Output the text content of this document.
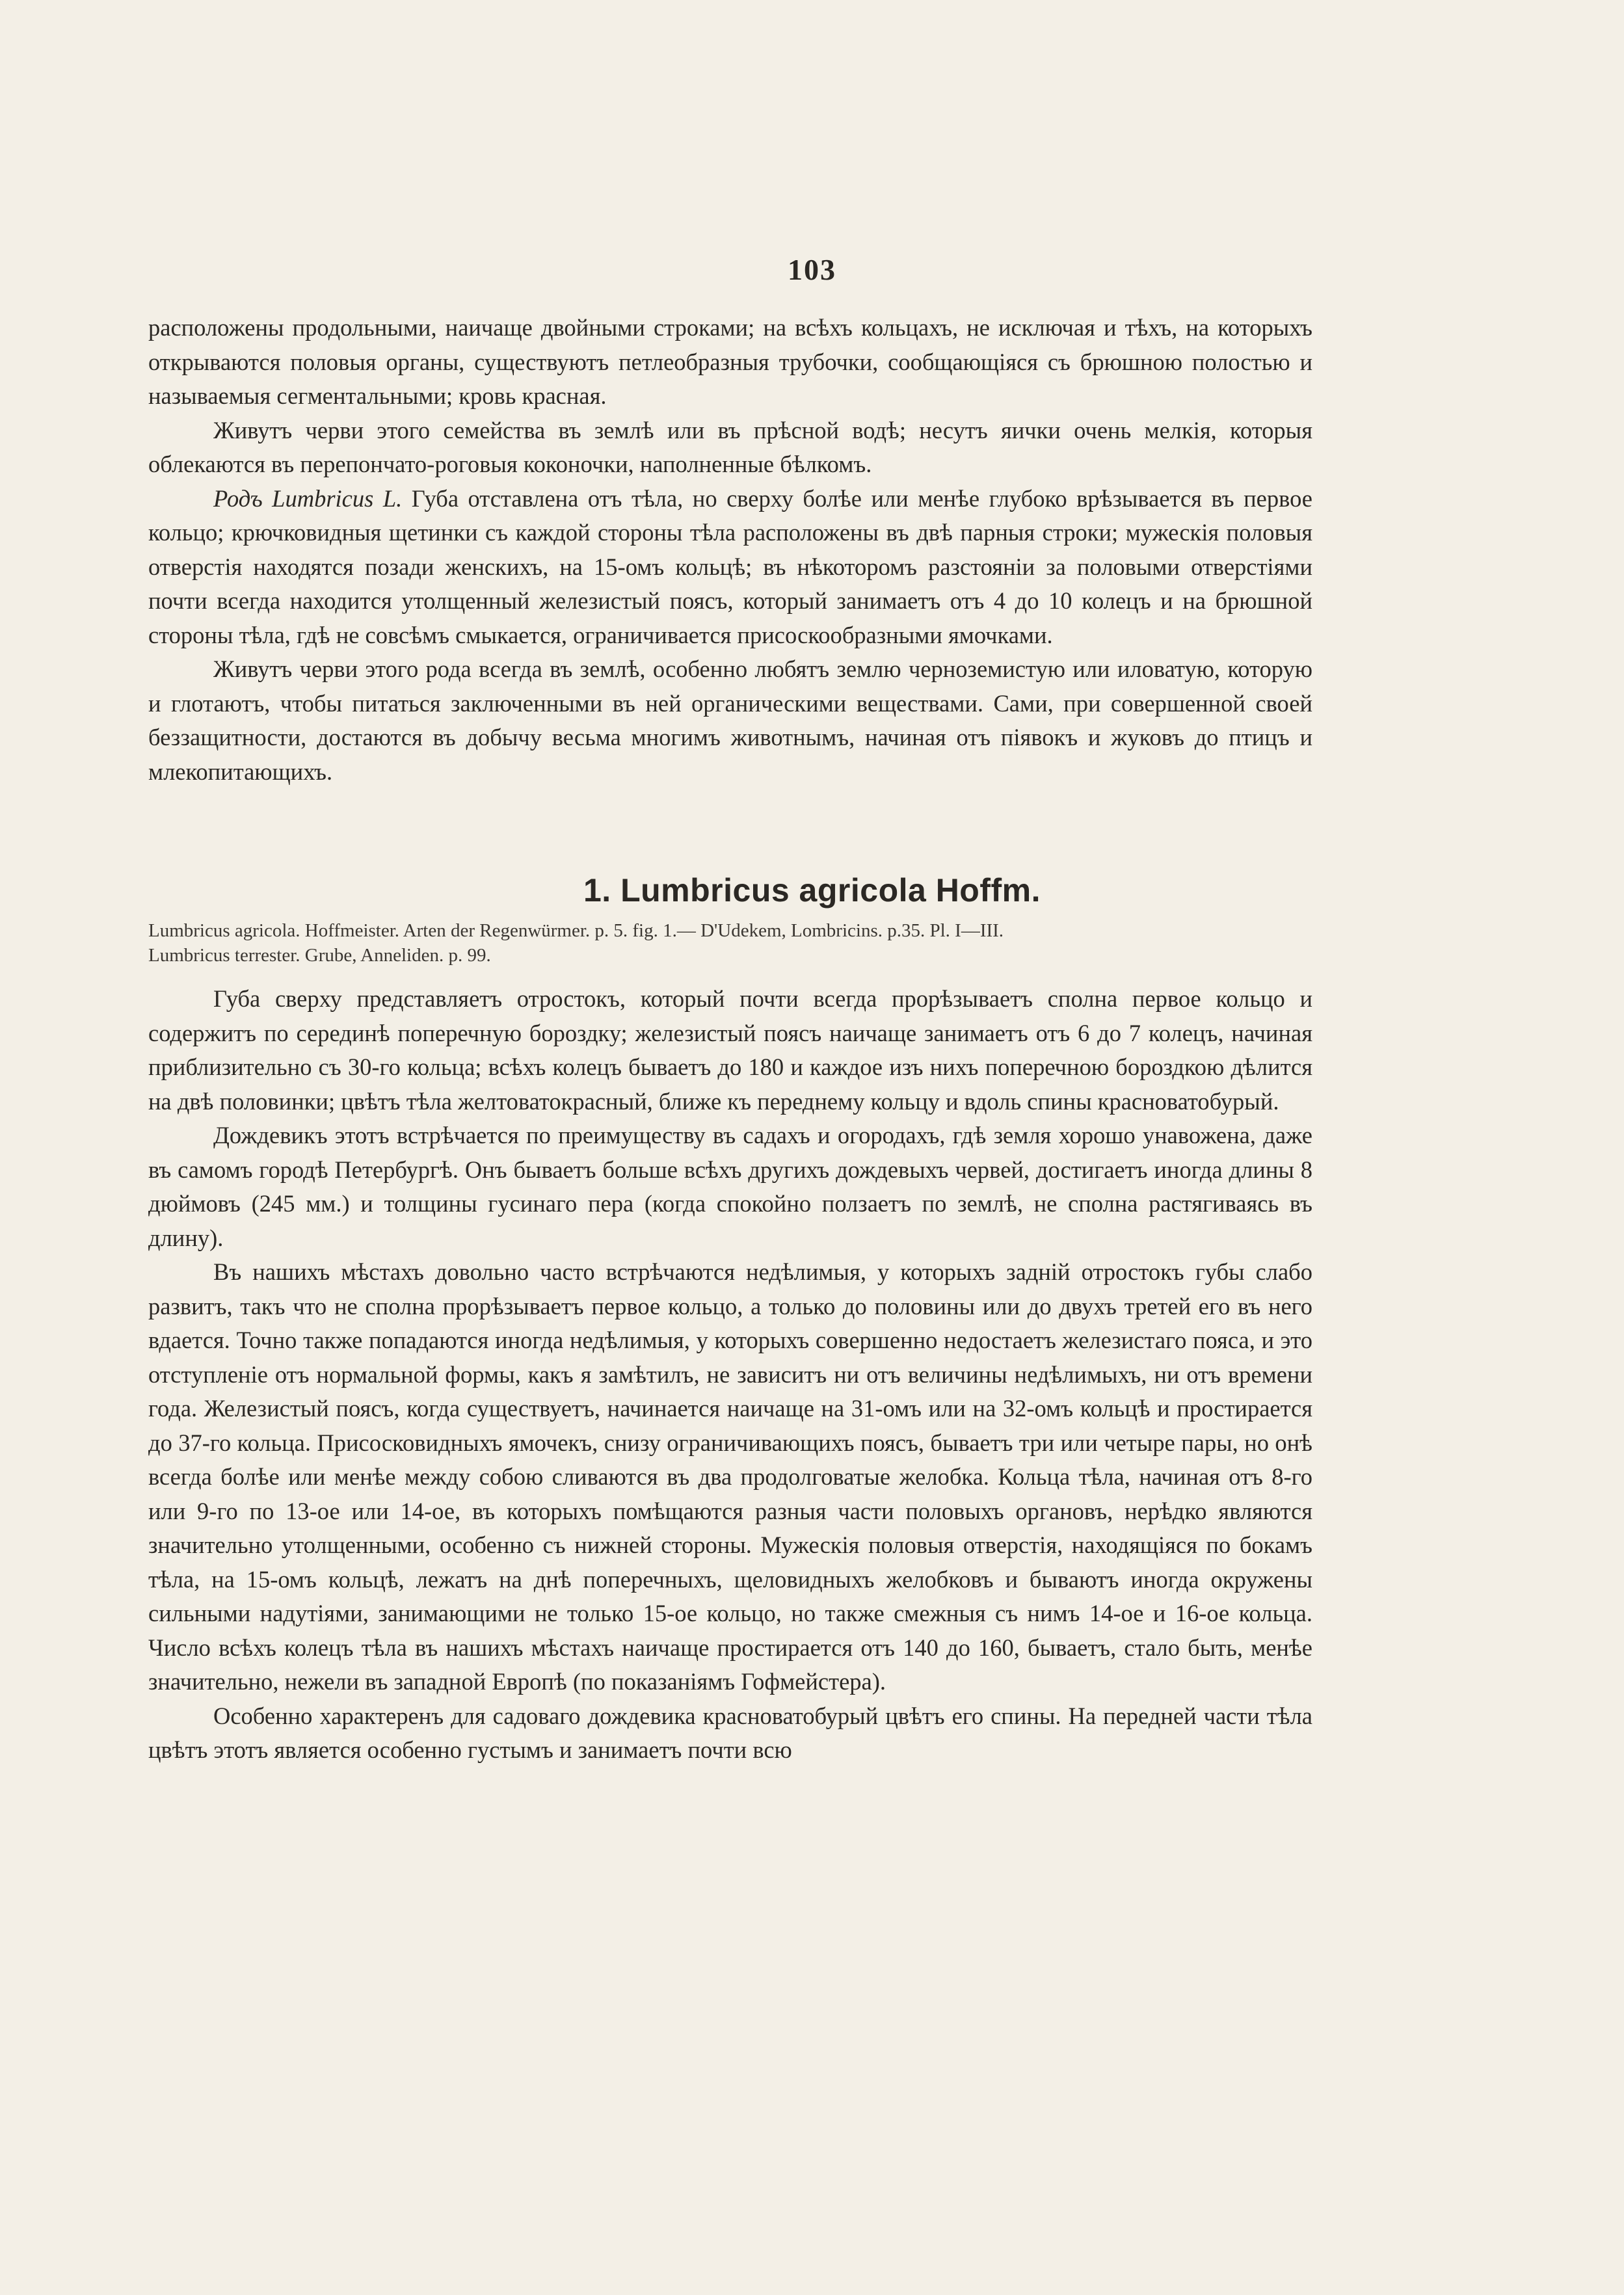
103

расположены продольными, наичаще двойными строками; на всѣхъ кольцахъ, не исключая и тѣхъ, на которыхъ открываются половыя органы, существуютъ петлеобразныя трубочки, сообщающіяся съ брюшною полостью и называемыя сегментальными; кровь красная.

Живутъ черви этого семейства въ землѣ или въ прѣсной водѣ; несутъ яички очень мелкія, которыя облекаются въ перепончато-роговыя коконочки, наполненные бѣлкомъ.

Родъ Lumbricus L. Губа отставлена отъ тѣла, но сверху болѣе или менѣе глубоко врѣзывается въ первое кольцо; крючковидныя щетинки съ каждой стороны тѣла расположены въ двѣ парныя строки; мужескія половыя отверстія находятся позади женскихъ, на 15-омъ кольцѣ; въ нѣкоторомъ разстояніи за половыми отверстіями почти всегда находится утолщенный железистый поясъ, который занимаетъ отъ 4 до 10 колецъ и на брюшной стороны тѣла, гдѣ не совсѣмъ смыкается, ограничивается присоскообразными ямочками.

Живутъ черви этого рода всегда въ землѣ, особенно любятъ землю черноземистую или иловатую, которую и глотаютъ, чтобы питаться заключенными въ ней органическими веществами. Сами, при совершенной своей беззащитности, достаются въ добычу весьма многимъ животнымъ, начиная отъ піявокъ и жуковъ до птицъ и млекопитающихъ.

1. Lumbricus agricola Hoffm.
Lumbricus agricola. Hoffmeister. Arten der Regenwürmer. p. 5. fig. 1.— D'Udekem, Lombricins. p.35. Pl. I—III.
Lumbricus terrester. Grube, Anneliden. p. 99.

Губа сверху представляетъ отростокъ, который почти всегда прорѣзываетъ сполна первое кольцо и содержитъ по серединѣ поперечную бороздку; железистый поясъ наичаще занимаетъ отъ 6 до 7 колецъ, начиная приблизительно съ 30-го кольца; всѣхъ колецъ бываетъ до 180 и каждое изъ нихъ поперечною бороздкою дѣлится на двѣ половинки; цвѣтъ тѣла желтоватокрасный, ближе къ переднему кольцу и вдоль спины красноватобурый.

Дождевикъ этотъ встрѣчается по преимуществу въ садахъ и огородахъ, гдѣ земля хорошо унавожена, даже въ самомъ городѣ Петербургѣ. Онъ бываетъ больше всѣхъ другихъ дождевыхъ червей, достигаетъ иногда длины 8 дюймовъ (245 мм.) и толщины гусинаго пера (когда спокойно ползаетъ по землѣ, не сполна растягиваясь въ длину).

Въ нашихъ мѣстахъ довольно часто встрѣчаются недѣлимыя, у которыхъ задній отростокъ губы слабо развитъ, такъ что не сполна прорѣзываетъ первое кольцо, а только до половины или до двухъ третей его въ него вдается. Точно также попадаются иногда недѣлимыя, у которыхъ совершенно недостаетъ железистаго пояса, и это отступленіе отъ нормальной формы, какъ я замѣтилъ, не зависитъ ни отъ величины недѣлимыхъ, ни отъ времени года. Железистый поясъ, когда существуетъ, начинается наичаще на 31-омъ или на 32-омъ кольцѣ и простирается до 37-го кольца. Присосковидныхъ ямочекъ, снизу ограничивающихъ поясъ, бываетъ три или четыре пары, но онѣ всегда болѣе или менѣе между собою сливаются въ два продолговатые желобка. Кольца тѣла, начиная отъ 8-го или 9-го по 13-ое или 14-ое, въ которыхъ помѣщаются разныя части половыхъ органовъ, нерѣдко являются значительно утолщенными, особенно съ нижней стороны. Мужескія половыя отверстія, находящіяся по бокамъ тѣла, на 15-омъ кольцѣ, лежатъ на днѣ поперечныхъ, щеловидныхъ желобковъ и бываютъ иногда окружены сильными надутіями, занимающими не только 15-ое кольцо, но также смежныя съ нимъ 14-ое и 16-ое кольца. Число всѣхъ колецъ тѣла въ нашихъ мѣстахъ наичаще простирается отъ 140 до 160, бываетъ, стало быть, менѣе значительно, нежели въ западной Европѣ (по показаніямъ Гофмейстера).

Особенно характеренъ для садоваго дождевика красноватобурый цвѣтъ его спины. На передней части тѣла цвѣтъ этотъ является особенно густымъ и занимаетъ почти всю
